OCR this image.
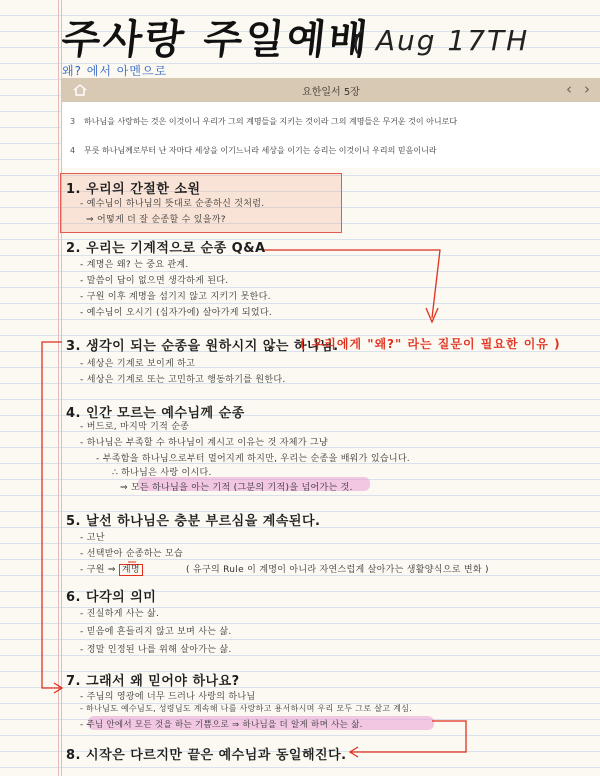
주사랑 주일예배
( Aug 17TH
왜? 에서 아멘으로
요한일서 5장	‹ ›
3 하나님을 사랑하는 것은 이것이니 우리가 그의 계명들을 지키는 것이라 그의 계명들은 무거운 것이 아니로다
4 무릇 하나님께로부터 난 자마다 세상을 이기느니라 세상을 이기는 승리는 이것이니 우리의 믿음이니라
1. 우리의 간절한 소원
- 예수님이 하나님의 뜻대로 순종하신 것처럼.
⇒ 어떻게 더 잘 순종할 수 있을까?
2. 우리는 기계적으로 순종 Q&A
- 계명은 왜? 는 중요 관계.
- 말씀이 답이 없으면 생각하게 된다.
- 구원 이후 계명을 섬기지 않고 지키기 못한다.
- 예수님이 오시기 (십자가에) 살아가게 되었다.
3. 생각이 되는 순종을 원하시지 않는 하나님.
( 우리에게 "왜?" 라는 질문이 필요한 이유 )
- 세상은 기계로 보이게 하고
- 세상은 기계로 또는 고민하고 행동하기를 원한다.
4. 인간 모르는 예수님께 순종
- 버드로, 마지막 기적 순종
- 하나님은 부족할 수 하나님이 계시고 이유는 것 자체가 그냥
- 부족함을 하나님으로부터 멀어지게 하지만, 우리는 순종을 배워가 있습니다.
∴ 하나님은 사랑 이시다.
⇒ 모든 하나님을 아는 기적 (그분의 기적)을 넘어가는 것.
5. 날선 하나님은 충분 부르심을 계속된다.
- 고난
- 선택받아 순종하는 모습
- 구원 ⇒ 계명	( 유구의 Rule 이 계명이 아니라 자연스럽게 살아가는 생활양식으로 변화 )
6. 다각의 의미
- 진실하게 사는 삶.
- 믿음에 흔들리지 않고 보며 사는 삶.
- 정말 인정된 나를 위해 살아가는 삶.
7. 그래서 왜 믿어야 하나요?
- 주님의 영광에 너무 드러나 사랑의 하나님
- 하나님도 예수님도, 성령님도 계속해 나를 사랑하고 용서하시며 우리 모두 그로 살고 계심.
- 주님 안에서 모든 것을 하는 기쁨으로 ⇒ 하나님을 더 알게 하며 사는 삶.
8. 시작은 다르지만 끝은 예수님과 동일해진다.
